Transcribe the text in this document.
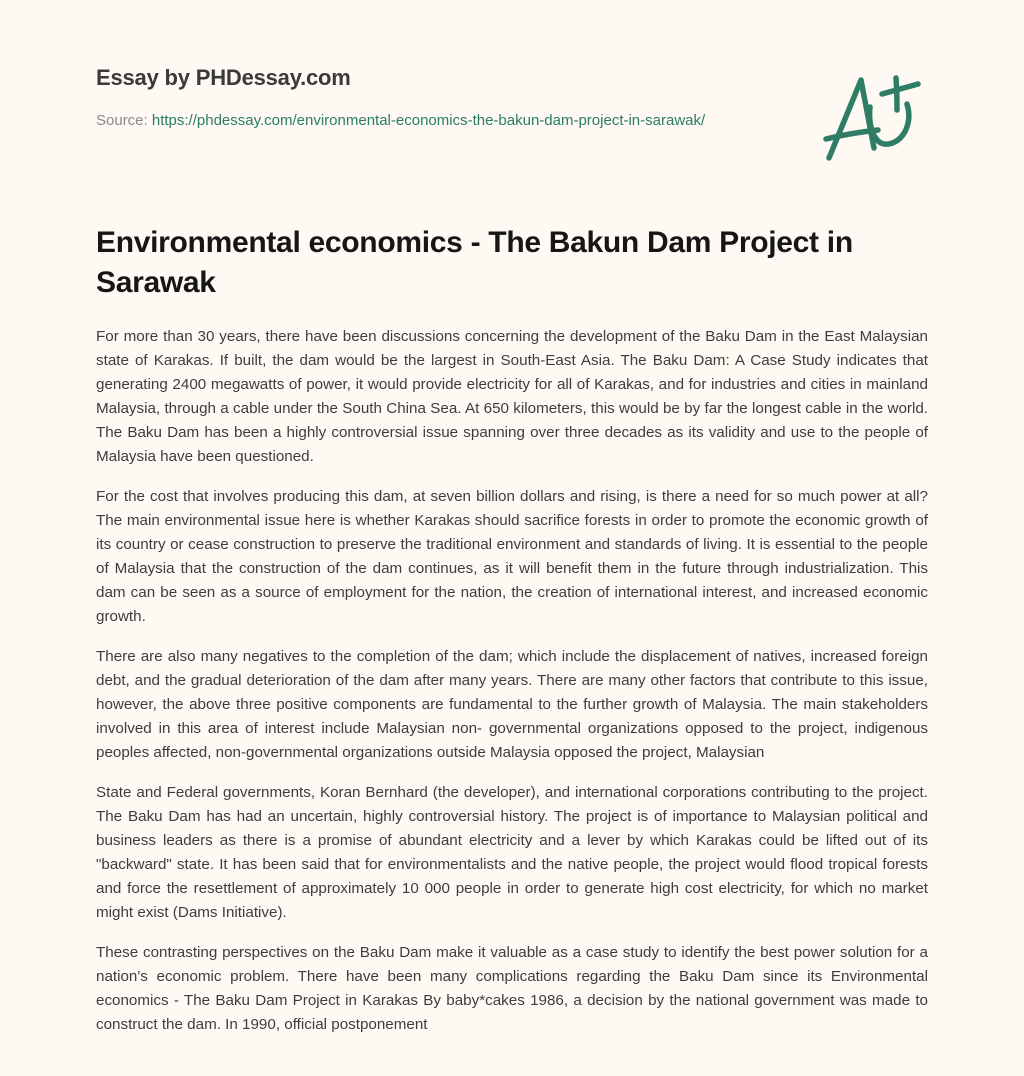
Essay by PHDessay.com
Source: https://phdessay.com/environmental-economics-the-bakun-dam-project-in-sarawak/
Environmental economics - The Bakun Dam Project in Sarawak

For more than 30 years, there have been discussions concerning the development of the Baku Dam in the East Malaysian state of Karakas. If built, the dam would be the largest in South-East Asia. The Baku Dam: A Case Study indicates that generating 2400 megawatts of power, it would provide electricity for all of Karakas, and for industries and cities in mainland Malaysia, through a cable under the South China Sea. At 650 kilometers, this would be by far the longest cable in the world. The Baku Dam has been a highly controversial issue spanning over three decades as its validity and use to the people of Malaysia have been questioned.

For the cost that involves producing this dam, at seven billion dollars and rising, is there a need for so much power at all? The main environmental issue here is whether Karakas should sacrifice forests in order to promote the economic growth of its country or cease construction to preserve the traditional environment and standards of living. It is essential to the people of Malaysia that the construction of the dam continues, as it will benefit them in the future through industrialization. This dam can be seen as a source of employment for the nation, the creation of international interest, and increased economic growth.

There are also many negatives to the completion of the dam; which include the displacement of natives, increased foreign debt, and the gradual deterioration of the dam after many years. There are many other factors that contribute to this issue, however, the above three positive components are fundamental to the further growth of Malaysia. The main stakeholders involved in this area of interest include Malaysian non- governmental organizations opposed to the project, indigenous peoples affected, non-governmental organizations outside Malaysia opposed the project, Malaysian

State and Federal governments, Koran Bernhard (the developer), and international corporations contributing to the project. The Baku Dam has had an uncertain, highly controversial history. The project is of importance to Malaysian political and business leaders as there is a promise of abundant electricity and a lever by which Karakas could be lifted out of its "backward" state. It has been said that for environmentalists and the native people, the project would flood tropical forests and force the resettlement of approximately 10 000 people in order to generate high cost electricity, for which no market might exist (Dams Initiative).

These contrasting perspectives on the Baku Dam make it valuable as a case study to identify the best power solution for a nation's economic problem. There have been many complications regarding the Baku Dam since its Environmental economics - The Baku Dam Project in Karakas By baby*cakes 1986, a decision by the national government was made to construct the dam. In 1990, official postponement
